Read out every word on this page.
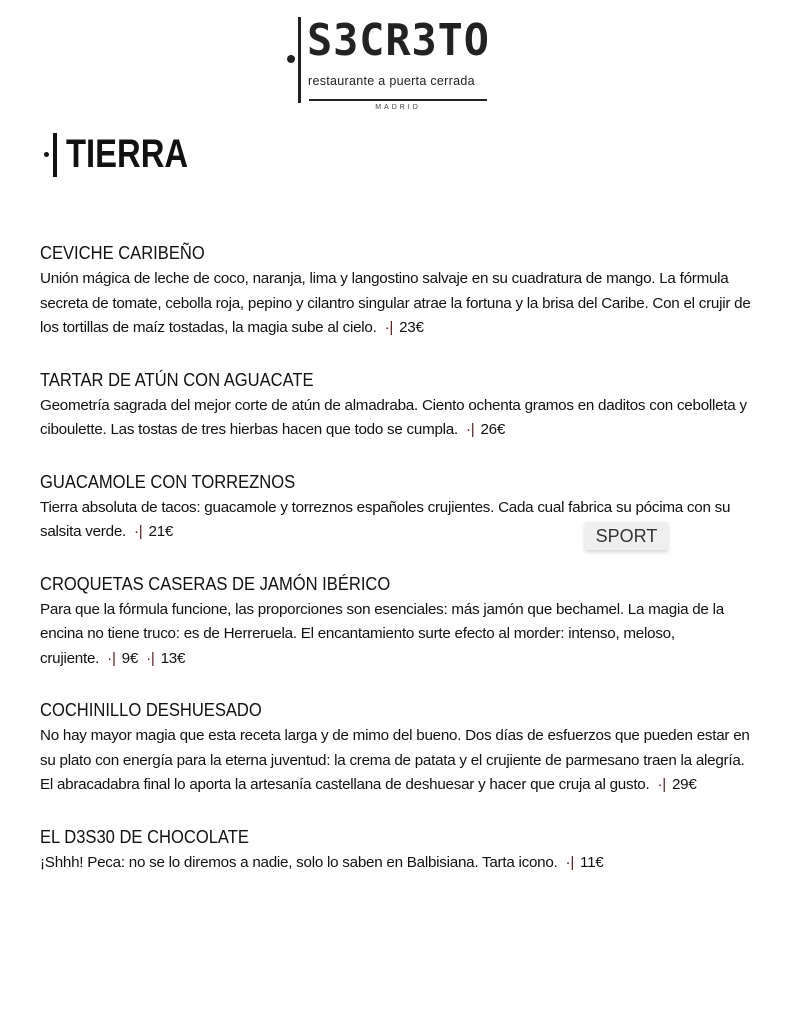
S3CR3TO
restaurante a puerta cerrada
MADRID
TIERRA
CEVICHE CARIBEÑO

Unión mágica de leche de coco, naranja, lima y langostino salvaje en su cuadratura de mango. La fórmula secreta de tomate, cebolla roja, pepino y cilantro singular atrae la fortuna y la brisa del Caribe. Con el crujir de los tortillas de maíz tostadas, la magia sube al cielo. ·| 23€

TARTAR DE ATÚN CON AGUACATE

Geometría sagrada del mejor corte de atún de almadraba. Ciento ochenta gramos en daditos con cebolleta y ciboulette. Las tostas de tres hierbas hacen que todo se cumpla. ·| 26€

GUACAMOLE CON TORREZNOS

Tierra absoluta de tacos: guacamole y torreznos españoles crujientes. Cada cual fabrica su pócima con su salsita verde. ·| 21€

CROQUETAS CASERAS DE JAMÓN IBÉRICO

Para que la fórmula funcione, las proporciones son esenciales: más jamón que bechamel. La magia de la encina no tiene truco: es de Herreruela. El encantamiento surte efecto al morder: intenso, meloso, crujiente. ·| 9€ ·| 13€

COCHINILLO DESHUESADO

No hay mayor magia que esta receta larga y de mimo del bueno. Dos días de esfuerzos que pueden estar en su plato con energía para la eterna juventud: la crema de patata y el crujiente de parmesano traen la alegría. El abracadabra final lo aporta la artesanía castellana de deshuesar y hacer que cruja al gusto. ·| 29€

EL D3S30 DE CHOCOLATE

¡Shhh! Peca: no se lo diremos a nadie, solo lo saben en Balbisiana. Tarta icono. ·| 11€

SPORT
